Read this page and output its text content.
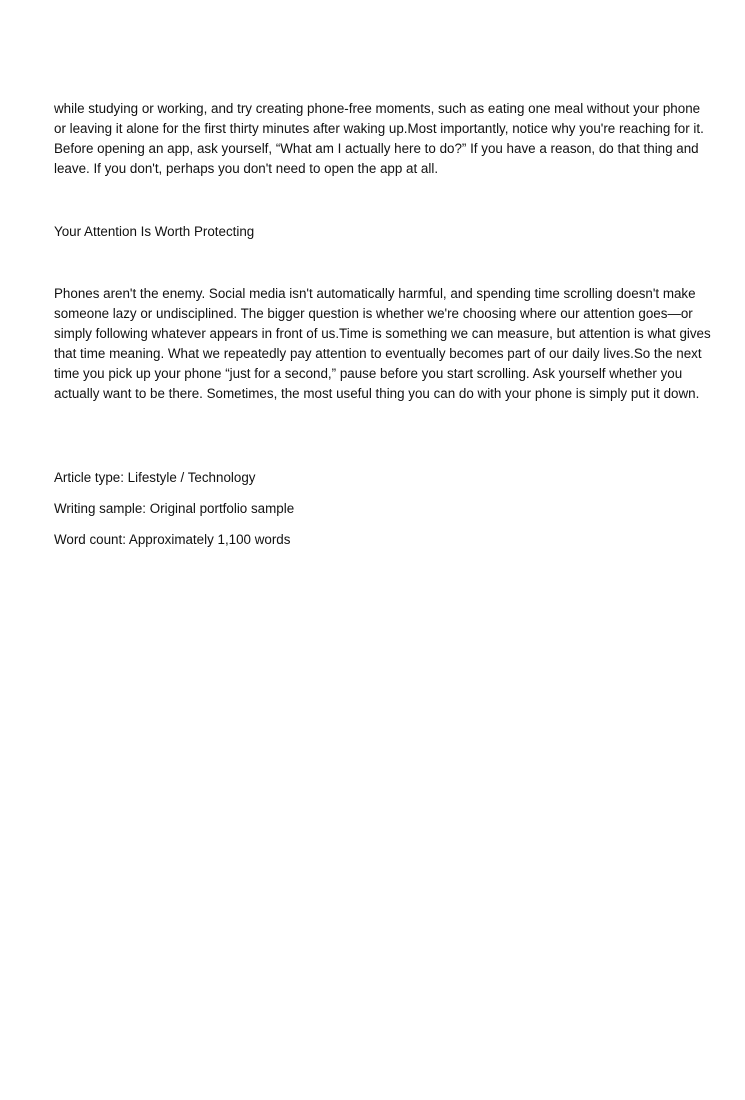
while studying or working, and try creating phone-free moments, such as eating one meal without your phone or leaving it alone for the first thirty minutes after waking up.Most importantly, notice why you're reaching for it. Before opening an app, ask yourself, “What am I actually here to do?” If you have a reason, do that thing and leave. If you don't, perhaps you don't need to open the app at all.

Your Attention Is Worth Protecting

Phones aren't the enemy. Social media isn't automatically harmful, and spending time scrolling doesn't make someone lazy or undisciplined. The bigger question is whether we're choosing where our attention goes—or simply following whatever appears in front of us.Time is something we can measure, but attention is what gives that time meaning. What we repeatedly pay attention to eventually becomes part of our daily lives.So the next time you pick up your phone “just for a second,” pause before you start scrolling. Ask yourself whether you actually want to be there. Sometimes, the most useful thing you can do with your phone is simply put it down.

Article type: Lifestyle / Technology

Writing sample: Original portfolio sample

Word count: Approximately 1,100 words
